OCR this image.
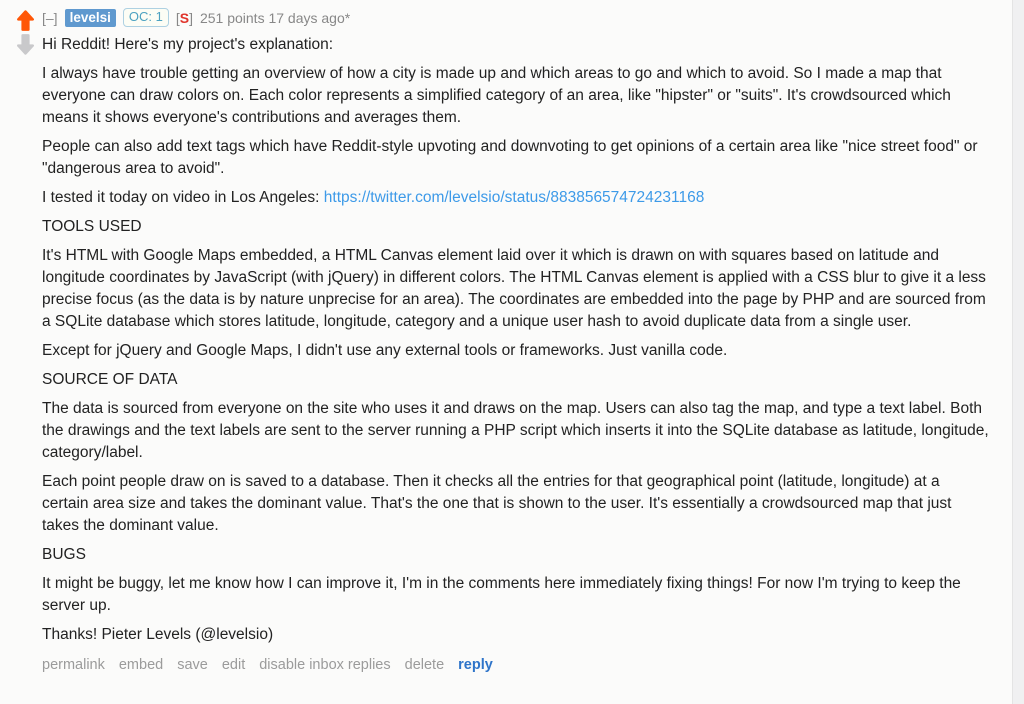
[–] levelsi	OC: 1 [S] 251 points 17 days ago*

Hi Reddit! Here's my project's explanation:

I always have trouble getting an overview of how a city is made up and which areas to go and which to avoid. So I made a map that everyone can draw colors on. Each color represents a simplified category of an area, like "hipster" or "suits". It's crowdsourced which means it shows everyone's contributions and averages them.

People can also add text tags which have Reddit-style upvoting and downvoting to get opinions of a certain area like "nice street food" or "dangerous area to avoid".

I tested it today on video in Los Angeles: https://twitter.com/levelsio/status/883856574724231168

TOOLS USED

It's HTML with Google Maps embedded, a HTML Canvas element laid over it which is drawn on with squares based on latitude and longitude coordinates by JavaScript (with jQuery) in different colors. The HTML Canvas element is applied with a CSS blur to give it a less precise focus (as the data is by nature unprecise for an area). The coordinates are embedded into the page by PHP and are sourced from a SQLite database which stores latitude, longitude, category and a unique user hash to avoid duplicate data from a single user.

Except for jQuery and Google Maps, I didn't use any external tools or frameworks. Just vanilla code.

SOURCE OF DATA

The data is sourced from everyone on the site who uses it and draws on the map. Users can also tag the map, and type a text label. Both the drawings and the text labels are sent to the server running a PHP script which inserts it into the SQLite database as latitude, longitude, category/label.

Each point people draw on is saved to a database. Then it checks all the entries for that geographical point (latitude, longitude) at a certain area size and takes the dominant value. That's the one that is shown to the user. It's essentially a crowdsourced map that just takes the dominant value.

BUGS

It might be buggy, let me know how I can improve it, I'm in the comments here immediately fixing things! For now I'm trying to keep the server up.

Thanks! Pieter Levels (@levelsio)

permalink embed save edit disable inbox replies delete reply
